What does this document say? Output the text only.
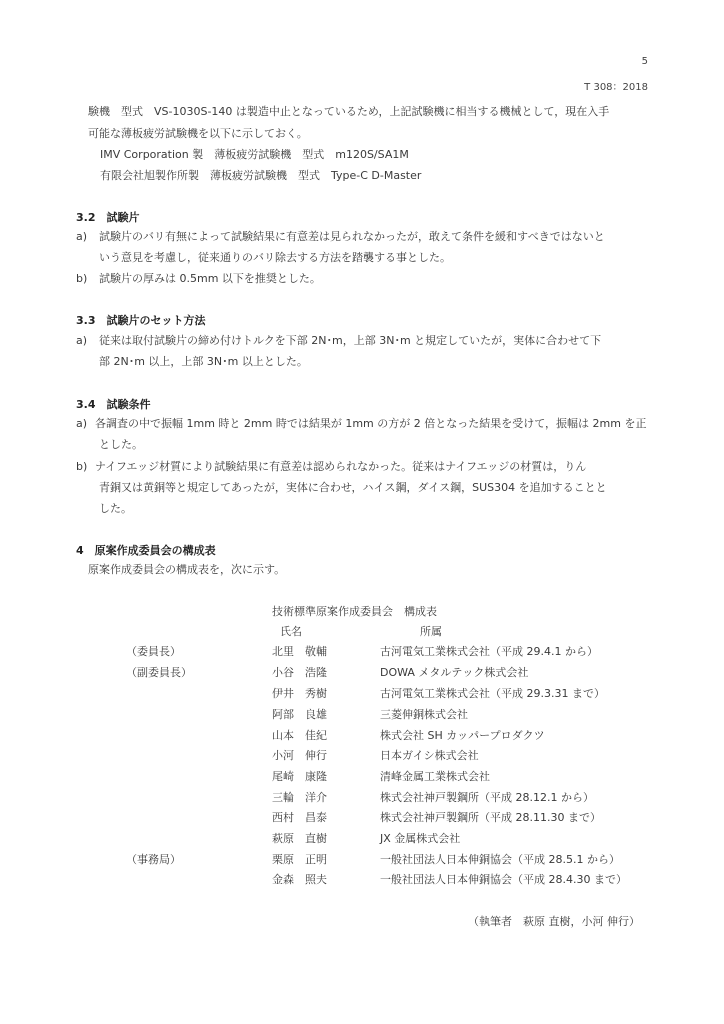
5
T 308：2018
験機　型式　VS-1030S-140 は製造中止となっているため，上記試験機に相当する機械として，現在入手
可能な薄板疲労試験機を以下に示しておく。
IMV Corporation 製　薄板疲労試験機　型式　m120S/SA1M
有限会社旭製作所製　薄板疲労試験機　型式　Type-C D-Master
3.2　試験片
a) 試験片のバリ有無によって試験結果に有意差は見られなかったが，敢えて条件を緩和すべきではないと
いう意見を考慮し，従来通りのバリ除去する方法を踏襲する事とした。
b) 試験片の厚みは 0.5mm 以下を推奨とした。
3.3　試験片のセット方法
a) 従来は取付試験片の締め付けトルクを下部 2N･m，上部 3N･m と規定していたが，実体に合わせて下
部 2N･m 以上，上部 3N･m 以上とした。
3.4　試験条件
a) 各調査の中で振幅 1mm 時と 2mm 時では結果が 1mm の方が 2 倍となった結果を受けて，振幅は 2mm を正
とした。
b) ナイフエッジ材質により試験結果に有意差は認められなかった。従来はナイフエッジの材質は，りん
青銅又は黄銅等と規定してあったが，実体に合わせ，ハイス鋼，ダイス鋼，SUS304 を追加することと
した。
4　原案作成委員会の構成表
原案作成委員会の構成表を，次に示す。
技術標準原案作成委員会　構成表
氏名	所属
（委員長）	北里　敬輔	古河電気工業株式会社（平成 29.4.1 から）
（副委員長）	小谷　浩隆	DOWA メタルテック株式会社
伊井　秀樹	古河電気工業株式会社（平成 29.3.31 まで）
阿部　良雄	三菱伸銅株式会社
山本　佳紀	株式会社 SH カッパープロダクツ
小河　伸行	日本ガイシ株式会社
尾崎　康隆	清峰金属工業株式会社
三輪　洋介	株式会社神戸製鋼所（平成 28.12.1 から）
西村　昌泰	株式会社神戸製鋼所（平成 28.11.30 まで）
萩原　直樹	JX 金属株式会社
（事務局）	栗原　正明	一般社団法人日本伸銅協会（平成 28.5.1 から）
金森　照夫	一般社団法人日本伸銅協会（平成 28.4.30 まで）
（執筆者　萩原 直樹，小河 伸行）
